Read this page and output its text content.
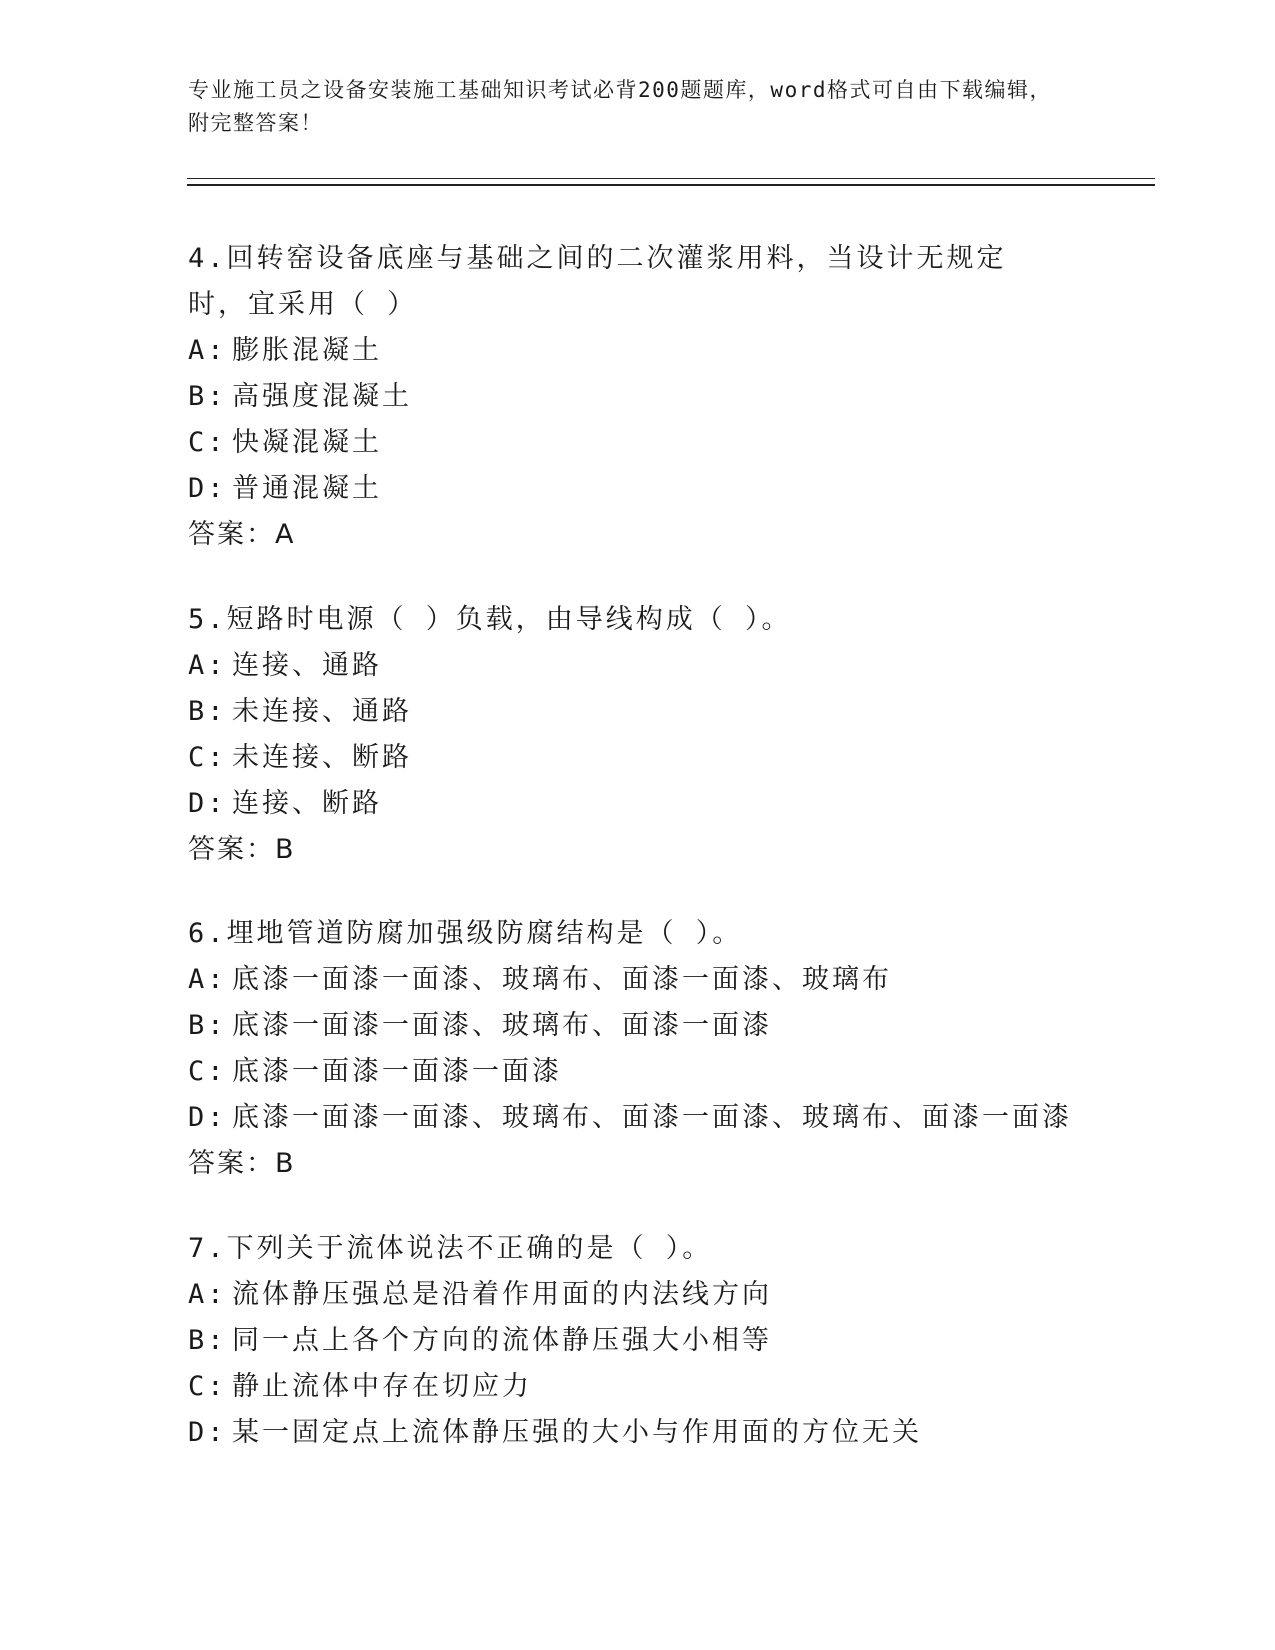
专业施工员之设备安装施工基础知识考试必背200题题库，word格式可自由下载编辑，附完整答案！

4.回转窑设备底座与基础之间的二次灌浆用料，当设计无规定时，宜采用（ ）

A: 膨胀混凝土

B: 高强度混凝土

C: 快凝混凝土

D: 普通混凝土

答案：A

5.短路时电源（ ）负载，由导线构成（ ）。

A: 连接、通路

B: 未连接、通路

C: 未连接、断路

D: 连接、断路

答案：B

6.埋地管道防腐加强级防腐结构是（ ）。

A: 底漆一面漆一面漆、玻璃布、面漆一面漆、玻璃布

B: 底漆一面漆一面漆、玻璃布、面漆一面漆

C: 底漆一面漆一面漆一面漆

D: 底漆一面漆一面漆、玻璃布、面漆一面漆、玻璃布、面漆一面漆

答案：B

7.下列关于流体说法不正确的是（ ）。

A: 流体静压强总是沿着作用面的内法线方向

B: 同一点上各个方向的流体静压强大小相等

C: 静止流体中存在切应力

D: 某一固定点上流体静压强的大小与作用面的方位无关
